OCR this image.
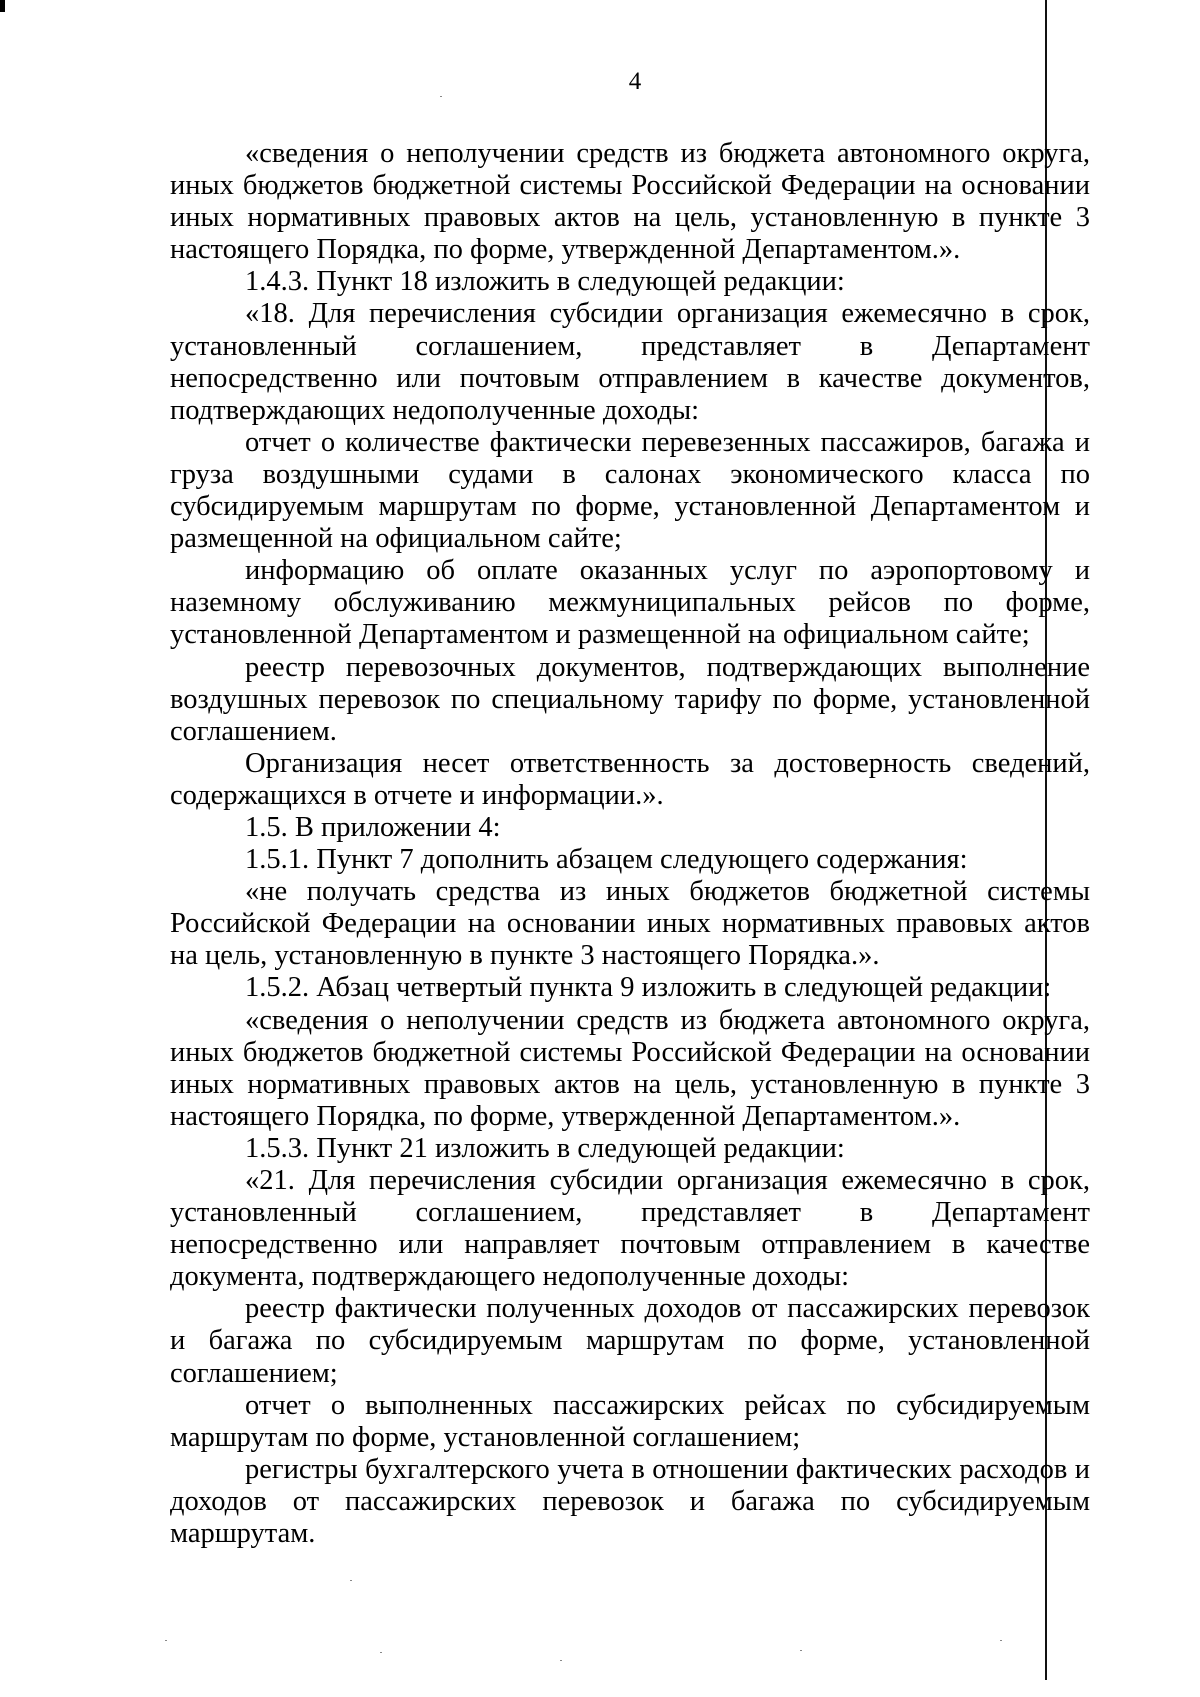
4

«сведения о неполучении средств из бюджета автономного округа, иных бюджетов бюджетной системы Российской Федерации на основании иных нормативных правовых актов на цель, установленную в пункте 3 настоящего Порядка, по форме, утвержденной Департаментом.».

1.4.3. Пункт 18 изложить в следующей редакции:

«18. Для перечисления субсидии организация ежемесячно в срок, установленный соглашением, представляет в Департамент непосредственно или почтовым отправлением в качестве документов, подтверждающих недополученные доходы:

отчет о количестве фактически перевезенных пассажиров, багажа и груза воздушными судами в салонах экономического класса по субсидируемым маршрутам по форме, установленной Департаментом и размещенной на официальном сайте;

информацию об оплате оказанных услуг по аэропортовому и наземному обслуживанию межмуниципальных рейсов по форме, установленной Департаментом и размещенной на официальном сайте;

реестр перевозочных документов, подтверждающих выполнение воздушных перевозок по специальному тарифу по форме, установленной соглашением.

Организация несет ответственность за достоверность сведений, содержащихся в отчете и информации.».

1.5. В приложении 4:

1.5.1. Пункт 7 дополнить абзацем следующего содержания:

«не получать средства из иных бюджетов бюджетной системы Российской Федерации на основании иных нормативных правовых актов на цель, установленную в пункте 3 настоящего Порядка.».

1.5.2. Абзац четвертый пункта 9 изложить в следующей редакции:

«сведения о неполучении средств из бюджета автономного округа, иных бюджетов бюджетной системы Российской Федерации на основании иных нормативных правовых актов на цель, установленную в пункте 3 настоящего Порядка, по форме, утвержденной Департаментом.».

1.5.3. Пункт 21 изложить в следующей редакции:

«21. Для перечисления субсидии организация ежемесячно в срок, установленный соглашением, представляет в Департамент непосредственно или направляет почтовым отправлением в качестве документа, подтверждающего недополученные доходы:

реестр фактически полученных доходов от пассажирских перевозок и багажа по субсидируемым маршрутам по форме, установленной соглашением;

отчет о выполненных пассажирских рейсах по субсидируемым маршрутам по форме, установленной соглашением;

регистры бухгалтерского учета в отношении фактических расходов и доходов от пассажирских перевозок и багажа по субсидируемым маршрутам.
